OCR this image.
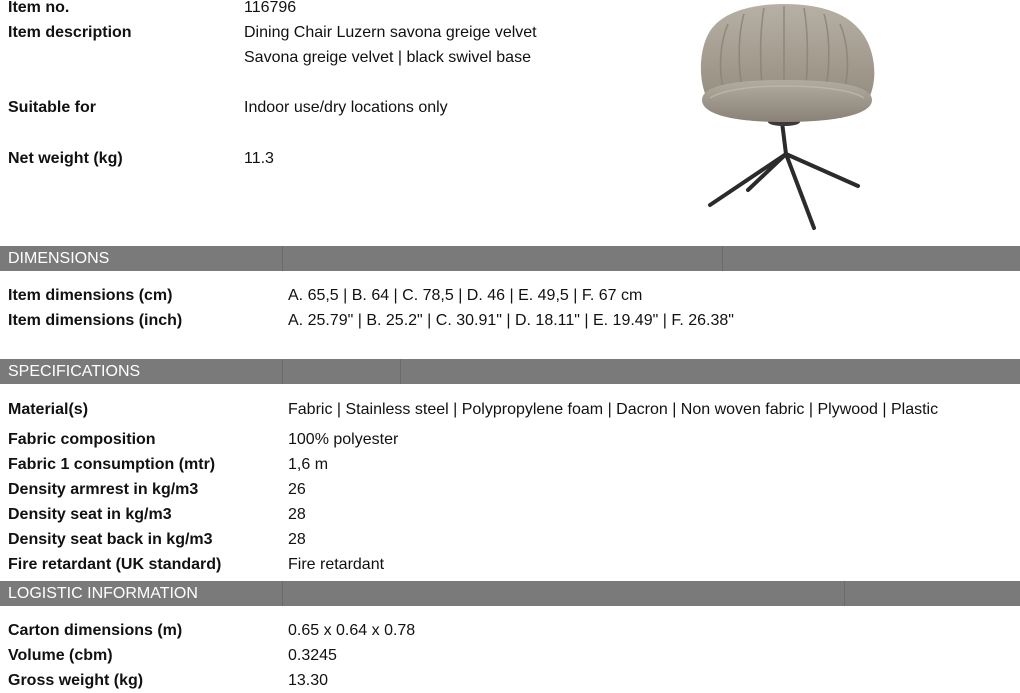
Item no.	116796
Item description	Dining Chair Luzern savona greige velvet
Savona greige velvet | black swivel base
Suitable for	Indoor use/dry locations only
Net weight (kg)	11.3
DIMENSIONS
Item dimensions (cm)	A. 65,5 | B. 64 | C. 78,5 | D. 46 | E. 49,5 | F. 67 cm
Item dimensions (inch)	A. 25.79" | B. 25.2" | C. 30.91" | D. 18.11" | E. 19.49" | F. 26.38"
SPECIFICATIONS
Material(s)	Fabric | Stainless steel | Polypropylene foam | Dacron | Non woven fabric | Plywood | Plastic
Fabric composition	100% polyester
Fabric 1 consumption (mtr)	1,6 m
Density armrest in kg/m3	26
Density seat in kg/m3	28
Density seat back in kg/m3	28
Fire retardant (UK standard)	Fire retardant
LOGISTIC INFORMATION
Carton dimensions (m)	0.65 x 0.64 x 0.78
Volume (cbm)	0.3245
Gross weight (kg)	13.30
